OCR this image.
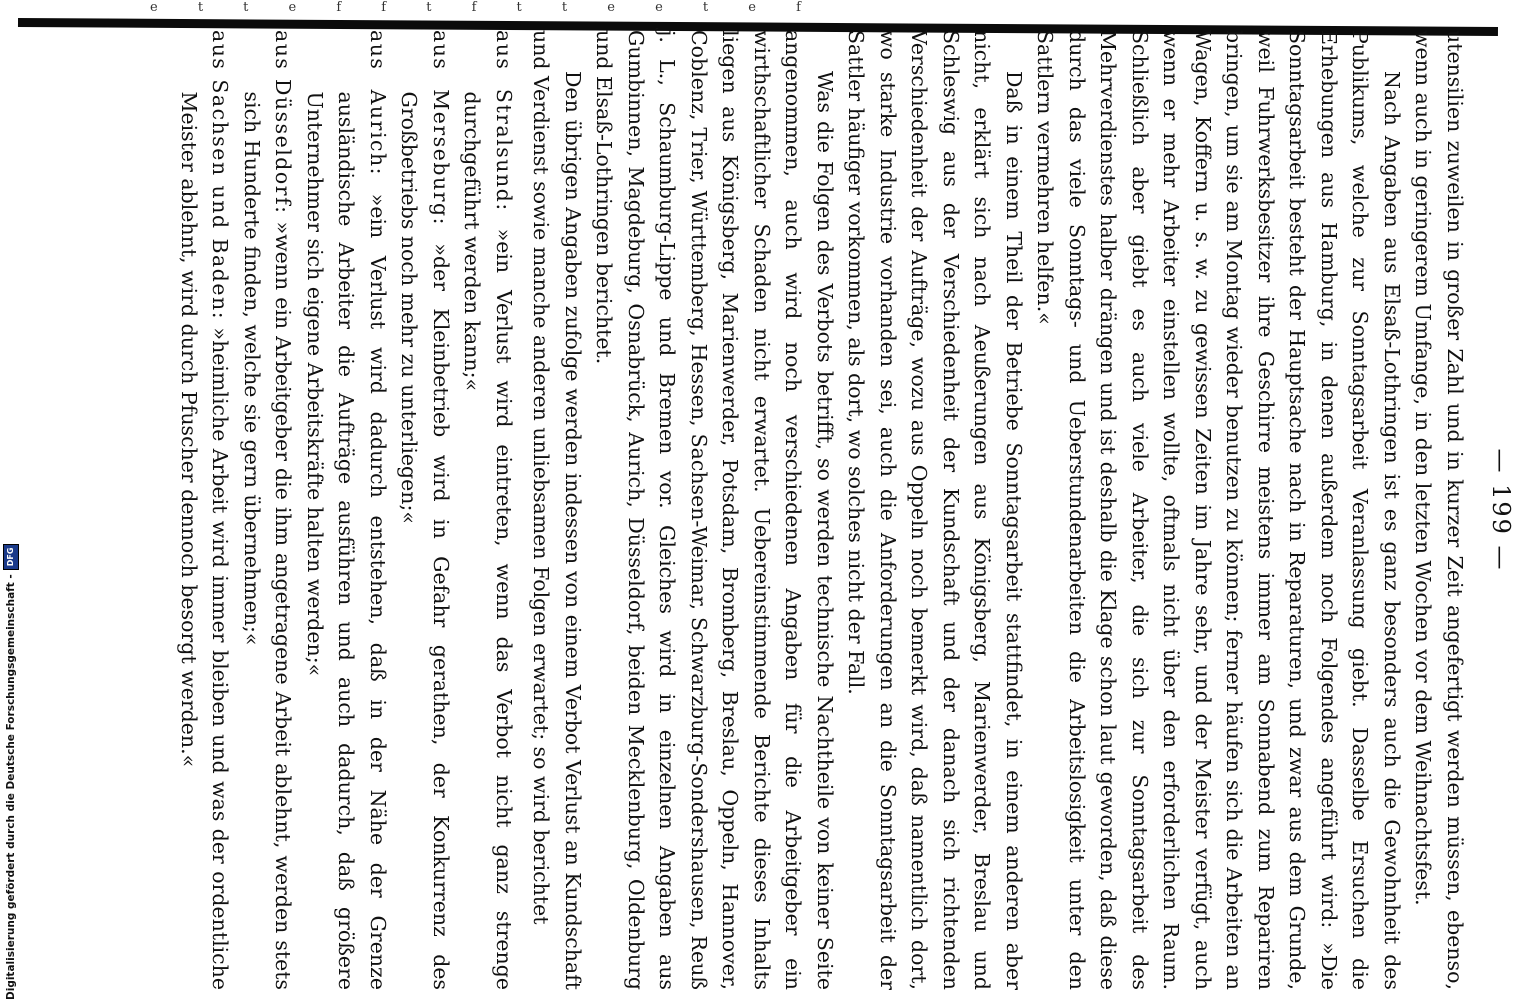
e t t e f f t f t t e e t e f
— 199 —

utensilien zuweilen in großer Zahl und in kurzer Zeit angefertigt werden müssen, ebenso, wenn auch in geringerem Umfange, in den letzten Wochen vor dem Weihnachtsfest.

Nach Angaben aus Elsaß-Lothringen ist es ganz besonders auch die Gewohnheit des Publikums, welche zur Sonntagsarbeit Veranlassung giebt. Dasselbe Ersuchen die Erhebungen aus Hamburg, in denen außerdem noch Folgendes angeführt wird: »Die Sonntagsarbeit besteht der Hauptsache nach in Reparaturen, und zwar aus dem Grunde, weil Fuhrwerksbesitzer ihre Geschirre meistens immer am Sonnabend zum Repariren bringen, um sie am Montag wieder benutzen zu können; ferner häufen sich die Arbeiten an Wagen, Koffern u. s. w. zu gewissen Zeiten im Jahre sehr, und der Meister verfügt, auch wenn er mehr Arbeiter einstellen wollte, oftmals nicht über den erforderlichen Raum. Schließlich aber giebt es auch viele Arbeiter, die sich zur Sonntagsarbeit des Mehrverdienstes halber drängen und ist deshalb die Klage schon laut geworden, daß diese durch das viele Sonntags- und Ueberstundenarbeiten die Arbeitslosigkeit unter den Sattlern vermehren helfen.«

Daß in einem Theil der Betriebe Sonntagsarbeit stattfindet, in einem anderen aber nicht, erklärt sich nach Aeußerungen aus Königsberg, Marienwerder, Breslau und Schleswig aus der Verschiedenheit der Kundschaft und der danach sich richtenden Verschiedenheit der Aufträge, wozu aus Oppeln noch bemerkt wird, daß namentlich dort, wo starke Industrie vorhanden sei, auch die Anforderungen an die Sonntagsarbeit der Sattler häufiger vorkommen, als dort, wo solches nicht der Fall.

Was die Folgen des Verbots betrifft, so werden technische Nachtheile von keiner Seite angenommen, auch wird noch verschiedenen Angaben für die Arbeitgeber ein wirthschaftlicher Schaden nicht erwartet. Uebereinstimmende Berichte dieses Inhalts liegen aus Königsberg, Marienwerder, Potsdam, Bromberg, Breslau, Oppeln, Hannover, Coblenz, Trier, Württemberg, Hessen, Sachsen-Weimar, Schwarzburg-Sondershausen, Reuß j. L., Schaumburg-Lippe und Bremen vor. Gleiches wird in einzelnen Angaben aus Gumbinnen, Magdeburg, Osnabrück, Aurich, Düsseldorf, beiden Mecklenburg, Oldenburg und Elsaß-Lothringen berichtet.

Den übrigen Angaben zufolge werden indessen von einem Verbot Verlust an Kundschaft und Verdienst sowie manche anderen unliebsamen Folgen erwartet; so wird berichtet

aus Stralsund: »ein Verlust wird eintreten, wenn das Verbot nicht ganz strenge durchgeführt werden kann;«
aus Merseburg: »der Kleinbetrieb wird in Gefahr gerathen, der Konkurrenz des Großbetriebs noch mehr zu unterliegen;«
aus Aurich: »ein Verlust wird dadurch entstehen, daß in der Nähe der Grenze ausländische Arbeiter die Aufträge ausführen und auch dadurch, daß größere Unternehmer sich eigene Arbeitskräfte halten werden;«
aus Düsseldorf: »wenn ein Arbeitgeber die ihm angetragene Arbeit ablehnt, werden stets sich Hunderte finden, welche sie gern übernehmen;«
aus Sachsen und Baden: »heimliche Arbeit wird immer bleiben und was der ordentliche Meister ablehnt, wird durch Pfuscher dennoch besorgt werden.«
Digitalisierung gefördert durch die Deutsche Forschungsgemeinschaft -
DFG
